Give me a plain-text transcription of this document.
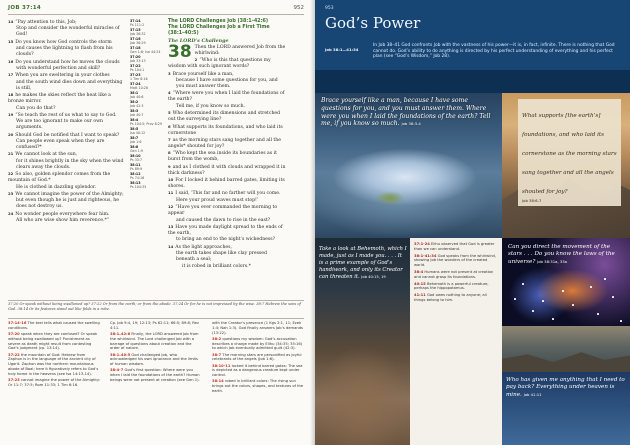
JOB 37:14	952

14 “Pay attention to this, Job;

Stop and consider the wonderful miracles of God!

15 Do you know how God controls the storm

and causes the lightning to flash from his clouds?

16 Do you understand how he moves the clouds

with wonderful perfection and skill?

17 When you are sweltering in your clothes

and the south wind dies down and everything is still,

18 he makes the skies reflect the heat like a bronze mirror.

Can you do that?

19 “So teach the rest of us what to say to God.

We are too ignorant to make our own arguments.

20 Should God be notified that I want to speak?

Can people even speak when they are confused?*

21 We cannot look at the sun,

for it shines brightly in the sky when the wind clears away the clouds.

22 So also, golden splendor comes from the mountain of God.*

He is clothed in dazzling splendor.

23 We cannot imagine the power of the Almighty;

but even though he is just and righteous, he does not destroy us.

24 No wonder people everywhere fear him.

All who are wise show him reverence.*”

37:14
Ps 111:2
37:15
Job 36:32
37:16
Job 36:29
37:18
Gen 1:6; Isa 44:24
37:20
Job 33:13
37:22
Ps 104:1
37:23
1 Tim 6:16
37:24
Matt 10:28
38:1
Job 40:6
38:2
Job 42:3
38:3
Job 40:7
38:4
Ps 104:5; Prov 8:29
38:5
Isa 40:12
38:7
Job 1:6
38:8
Gen 1:9
38:10
Ps 33:7
38:11
Ps 89:9
38:12
Ps 74:16
38:13
Ps 104:35

The LORD Challenges Job (38:1–42:6)

The LORD Challenges Job a First Time (38:1–40:5)

The LORD’s Challenge

38 Then the LORD answered Job from the whirlwind:

2 “Who is this that questions my wisdom with such ignorant words?

3 Brace yourself like a man,

because I have some questions for you, and you must answer them.

4 “Where were you when I laid the foundations of the earth?

Tell me, if you know so much.

5 Who determined its dimensions and stretched out the surveying line?

6 What supports its foundations, and who laid its cornerstone

7 as the morning stars sang together and all the angels* shouted for joy?

8 “Who kept the sea inside its boundaries as it burst from the womb,

9 and as I clothed it with clouds and wrapped it in thick darkness?

10 For I locked it behind barred gates, limiting its shores.

11 I said, ‘This far and no farther will you come.

Here your proud waves must stop!’

12 “Have you ever commanded the morning to appear

and caused the dawn to rise in the east?

13 Have you made daylight spread to the ends of the earth,

to bring an end to the night’s wickedness?

14 As the light approaches,

the earth takes shape like clay pressed beneath a seal;

it is robed in brilliant colors.*

37:20 Or speak without being swallowed up? 37:22 Or from the north; or from the abode. 37:24 Or for he is not impressed by the wise. 38:7 Hebrew the sons of God. 38:14 Or its features stand out like folds in a robe.

37:14-16 The text tells what caused the swelling conditions.

37:20 speak when they are confused? Or speak without being swallowed up? Punishment as severe as death might result from contesting God’s judgment (cp. 13:14).

37:22 the mountain of God: Hebrew from Zaphon is in the language of the ancient city of Ugarit. Zaphon was the northern mountainous abode of Baal; here it figuratively refers to God’s holy home in the heavens (see Isa 14:13-14).

37:23 cannot imagine the power of the Almighty: Or 11:7; 37:5; Rom 11:33; 1 Tim 6:16.

Cp. Job 9:4, 19; 12:13; Ps 62:11; 66:5; 89:8; Rev 4:11.

38:1–42:6 Finally, the LORD answered Job from the whirlwind. The Lord challenged Job with a barrage of questions about creation and the order of nature.

38:1–40:5 God challenged Job, who acknowledged his own ignorance and the limits of human wisdom.

38:4-7 God’s first question: Where were you when I laid the foundations of the earth? Human beings were not present at creation (see Gen 1).

with the Creator’s presence (1 Kgs 2:1, 11; Ezek 1:4; Nah 1:3). God finally answers Job’s demands (13:22).

38:2 questions my wisdom: God’s accusation describes a charge made by Elihu (34:35; 35:16) to which Job eventually admitted guilt (42:3).

38:7 The morning stars are personified as joyful celebrants of the angels (Job 1:6).

38:10-11 locked it behind barred gates: The sea is depicted as a dangerous creature kept under control.

38:14 robed in brilliant colors: The rising sun brings out the colors, shapes, and textures of the earth.

953
God’s Power
Job 38:1—41:34

In Job 38–41 God confronts Job with the vastness of his power—it is, in fact, infinite. There is nothing that God cannot do. God’s ability to do anything is directed by his perfect understanding of everything and his perfect plan (see “God’s Wisdom,” Job 28).

Brace yourself like a man, because I have some questions for you, and you must answer them. Where were you when I laid the foundations of the earth? Tell me, if you know so much. Job 38:3-4

What supports [the earth’s] foundations, and who laid its cornerstone as the morning stars sang together and all the angels shouted for joy?
Job 38:6-7

Take a look at Behemoth, which I made, just as I made you. . . . It is a prime example of God’s handiwork, and only its Creator can threaten it. Job 40:15, 19

37:1-24 Elihu observed that God is greater than we can understand.

38:1-41:34 God speaks from the whirlwind, showing Job the wonders of the created world.

38:4 Humans were not present at creation and cannot grasp its foundations.

40:15 Behemoth is a powerful creature, perhaps the hippopotamus.

41:11 God owes nothing to anyone; all things belong to him.

Can you direct the movement of the stars . . . Do you know the laws of the universe? Job 38:31a, 33a

Who has given me anything that I need to pay back? Everything under heaven is mine. Job 41:11
